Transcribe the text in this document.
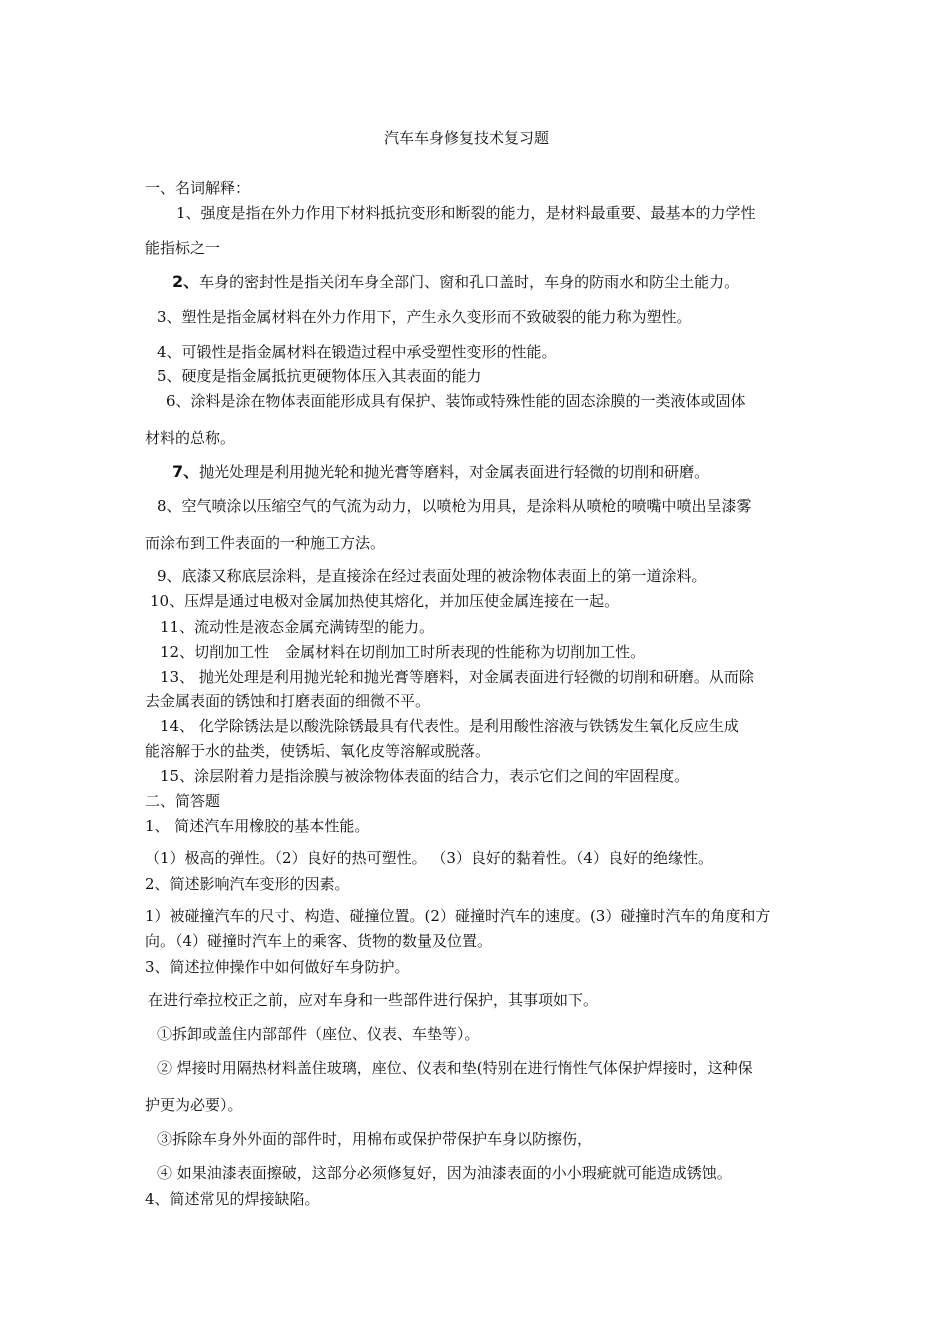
汽车车身修复技术复习题
一、名词解释：
1、强度是指在外力作用下材料抵抗变形和断裂的能力，是材料最重要、最基本的力学性
能指标之一
2、车身的密封性是指关闭车身全部门、窗和孔口盖时，车身的防雨水和防尘土能力。
3、塑性是指金属材料在外力作用下，产生永久变形而不致破裂的能力称为塑性。
4、可锻性是指金属材料在锻造过程中承受塑性变形的性能。
5、硬度是指金属抵抗更硬物体压入其表面的能力
6、涂料是涂在物体表面能形成具有保护、装饰或特殊性能的固态涂膜的一类液体或固体
材料的总称。
7、抛光处理是利用抛光轮和抛光膏等磨料，对金属表面进行轻微的切削和研磨。
8、空气喷涂以压缩空气的气流为动力，以喷枪为用具，是涂料从喷枪的喷嘴中喷出呈漆雾
而涂布到工件表面的一种施工方法。
9、底漆又称底层涂料，是直接涂在经过表面处理的被涂物体表面上的第一道涂料。
10、压焊是通过电极对金属加热使其熔化，并加压使金属连接在一起。
11、流动性是液态金属充满铸型的能力。
12、切削加工性 金属材料在切削加工时所表现的性能称为切削加工性。
13、 抛光处理是利用抛光轮和抛光膏等磨料，对金属表面进行轻微的切削和研磨。从而除
去金属表面的锈蚀和打磨表面的细微不平。
14、 化学除锈法是以酸洗除锈最具有代表性。是利用酸性溶液与铁锈发生氧化反应生成
能溶解于水的盐类，使锈垢、氧化皮等溶解或脱落。
15、涂层附着力是指涂膜与被涂物体表面的结合力，表示它们之间的牢固程度。
二、简答题
1、 简述汽车用橡胶的基本性能。
（1）极高的弹性。（2）良好的热可塑性。 （3）良好的黏着性。（4）良好的绝缘性。
2、简述影响汽车变形的因素。
1）被碰撞汽车的尺寸、构造、碰撞位置。(2）碰撞时汽车的速度。(3）碰撞时汽车的角度和方
向。（4）碰撞时汽车上的乘客、货物的数量及位置。
3、简述拉伸操作中如何做好车身防护。
在进行牵拉校正之前，应对车身和一些部件进行保护，其事项如下。
①拆卸或盖住内部部件（座位、仪表、车垫等）。
② 焊接时用隔热材料盖住玻璃，座位、仪表和垫(特别在进行惰性气体保护焊接时，这种保
护更为必要）。
③拆除车身外外面的部件时，用棉布或保护带保护车身以防擦伤，
④ 如果油漆表面擦破，这部分必须修复好，因为油漆表面的小小瑕疵就可能造成锈蚀。
4、简述常见的焊接缺陷。
